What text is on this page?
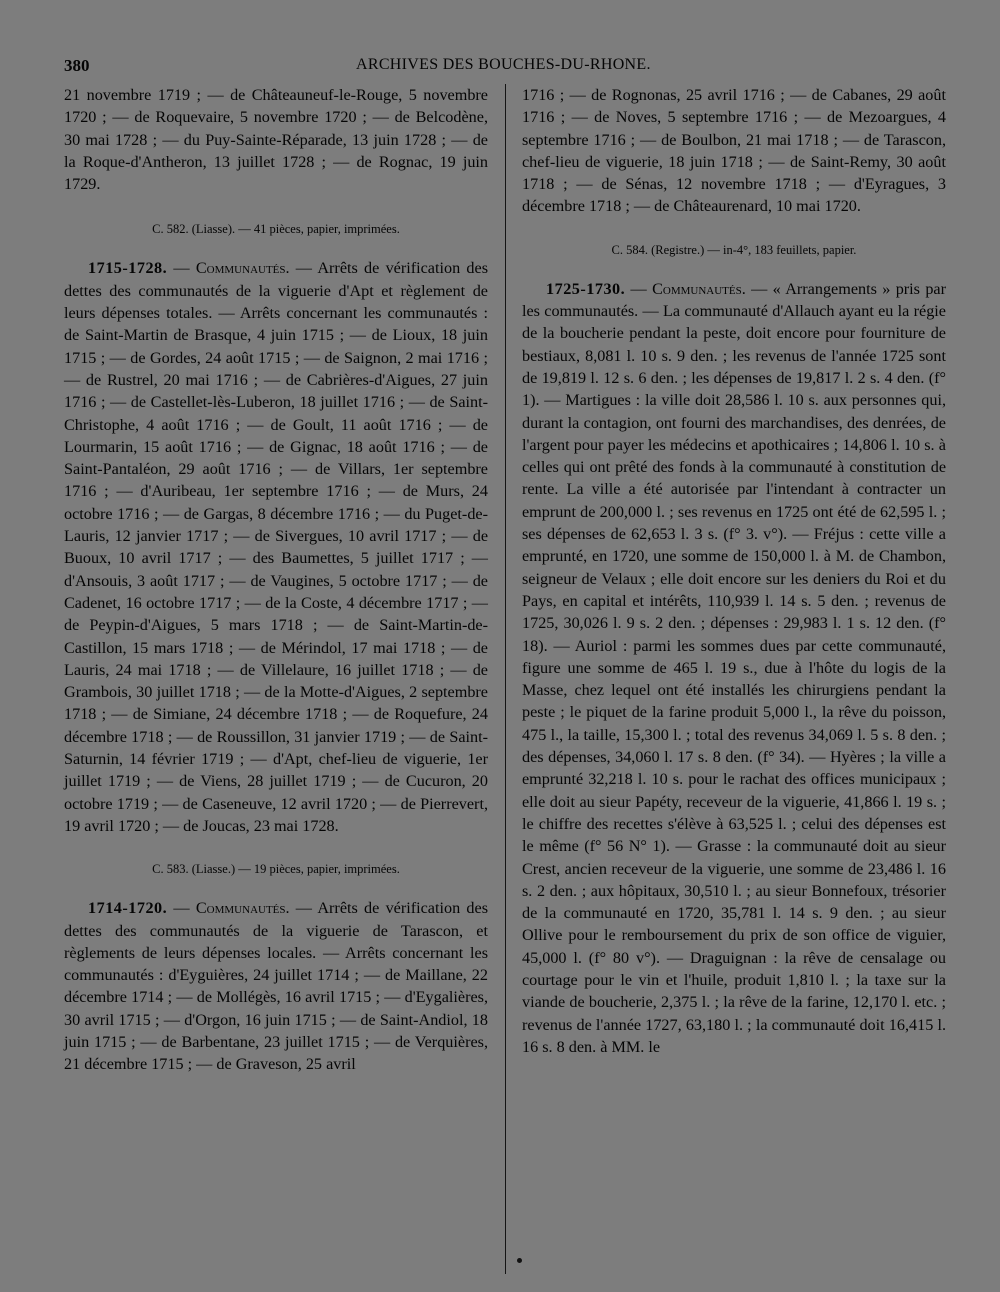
380	ARCHIVES DES BOUCHES-DU-RHONE.

21 novembre 1719 ; — de Châteauneuf-le-Rouge, 5 novembre 1720 ; — de Roquevaire, 5 novembre 1720 ; — de Belcodène, 30 mai 1728 ; — du Puy-Sainte-Réparade, 13 juin 1728 ; — de la Roque-d'Antheron, 13 juillet 1728 ; — de Rognac, 19 juin 1729.

C. 582. (Liasse). — 41 pièces, papier, imprimées.

1715-1728. — Communautés. — Arrêts de vérification des dettes des communautés de la viguerie d'Apt et règlement de leurs dépenses totales. — Arrêts concernant les communautés : de Saint-Martin de Brasque, 4 juin 1715 ; — de Lioux, 18 juin 1715 ; — de Gordes, 24 août 1715 ; — de Saignon, 2 mai 1716 ; — de Rustrel, 20 mai 1716 ; — de Cabrières-d'Aigues, 27 juin 1716 ; — de Castellet-lès-Luberon, 18 juillet 1716 ; — de Saint-Christophe, 4 août 1716 ; — de Goult, 11 août 1716 ; — de Lourmarin, 15 août 1716 ; — de Gignac, 18 août 1716 ; — de Saint-Pantaléon, 29 août 1716 ; — de Villars, 1er septembre 1716 ; — d'Auribeau, 1er septembre 1716 ; — de Murs, 24 octobre 1716 ; — de Gargas, 8 décembre 1716 ; — du Puget-de-Lauris, 12 janvier 1717 ; — de Sivergues, 10 avril 1717 ; — de Buoux, 10 avril 1717 ; — des Baumettes, 5 juillet 1717 ; — d'Ansouis, 3 août 1717 ; — de Vaugines, 5 octobre 1717 ; — de Cadenet, 16 octobre 1717 ; — de la Coste, 4 décembre 1717 ; — de Peypin-d'Aigues, 5 mars 1718 ; — de Saint-Martin-de-Castillon, 15 mars 1718 ; — de Mérindol, 17 mai 1718 ; — de Lauris, 24 mai 1718 ; — de Villelaure, 16 juillet 1718 ; — de Grambois, 30 juillet 1718 ; — de la Motte-d'Aigues, 2 septembre 1718 ; — de Simiane, 24 décembre 1718 ; — de Roquefure, 24 décembre 1718 ; — de Roussillon, 31 janvier 1719 ; — de Saint-Saturnin, 14 février 1719 ; — d'Apt, chef-lieu de viguerie, 1er juillet 1719 ; — de Viens, 28 juillet 1719 ; — de Cucuron, 20 octobre 1719 ; — de Caseneuve, 12 avril 1720 ; — de Pierrevert, 19 avril 1720 ; — de Joucas, 23 mai 1728.

C. 583. (Liasse.) — 19 pièces, papier, imprimées.

1714-1720. — Communautés. — Arrêts de vérification des dettes des communautés de la viguerie de Tarascon, et règlements de leurs dépenses locales. — Arrêts concernant les communautés : d'Eyguières, 24 juillet 1714 ; — de Maillane, 22 décembre 1714 ; — de Mollégès, 16 avril 1715 ; — d'Eygalières, 30 avril 1715 ; — d'Orgon, 16 juin 1715 ; — de Saint-Andiol, 18 juin 1715 ; — de Barbentane, 23 juillet 1715 ; — de Verquières, 21 décembre 1715 ; — de Graveson, 25 avril

1716 ; — de Rognonas, 25 avril 1716 ; — de Cabanes, 29 août 1716 ; — de Noves, 5 septembre 1716 ; — de Mezoargues, 4 septembre 1716 ; — de Boulbon, 21 mai 1718 ; — de Tarascon, chef-lieu de viguerie, 18 juin 1718 ; — de Saint-Remy, 30 août 1718 ; — de Sénas, 12 novembre 1718 ; — d'Eyragues, 3 décembre 1718 ; — de Châteaurenard, 10 mai 1720.

C. 584. (Registre.) — in-4°, 183 feuillets, papier.

1725-1730. — Communautés. — « Arrangements » pris par les communautés. — La communauté d'Allauch ayant eu la régie de la boucherie pendant la peste, doit encore pour fourniture de bestiaux, 8,081 l. 10 s. 9 den. ; les revenus de l'année 1725 sont de 19,819 l. 12 s. 6 den. ; les dépenses de 19,817 l. 2 s. 4 den. (f° 1). — Martigues : la ville doit 28,586 l. 10 s. aux personnes qui, durant la contagion, ont fourni des marchandises, des denrées, de l'argent pour payer les médecins et apothicaires ; 14,806 l. 10 s. à celles qui ont prêté des fonds à la communauté à constitution de rente. La ville a été autorisée par l'intendant à contracter un emprunt de 200,000 l. ; ses revenus en 1725 ont été de 62,595 l. ; ses dépenses de 62,653 l. 3 s. (f° 3. v°). — Fréjus : cette ville a emprunté, en 1720, une somme de 150,000 l. à M. de Chambon, seigneur de Velaux ; elle doit encore sur les deniers du Roi et du Pays, en capital et intérêts, 110,939 l. 14 s. 5 den. ; revenus de 1725, 30,026 l. 9 s. 2 den. ; dépenses : 29,983 l. 1 s. 12 den. (f° 18). — Auriol : parmi les sommes dues par cette communauté, figure une somme de 465 l. 19 s., due à l'hôte du logis de la Masse, chez lequel ont été installés les chirurgiens pendant la peste ; le piquet de la farine produit 5,000 l., la rêve du poisson, 475 l., la taille, 15,300 l. ; total des revenus 34,069 l. 5 s. 8 den. ; des dépenses, 34,060 l. 17 s. 8 den. (f° 34). — Hyères ; la ville a emprunté 32,218 l. 10 s. pour le rachat des offices municipaux ; elle doit au sieur Papéty, receveur de la viguerie, 41,866 l. 19 s. ; le chiffre des recettes s'élève à 63,525 l. ; celui des dépenses est le même (f° 56 N° 1). — Grasse : la communauté doit au sieur Crest, ancien receveur de la viguerie, une somme de 23,486 l. 16 s. 2 den. ; aux hôpitaux, 30,510 l. ; au sieur Bonnefoux, trésorier de la communauté en 1720, 35,781 l. 14 s. 9 den. ; au sieur Ollive pour le remboursement du prix de son office de viguier, 45,000 l. (f° 80 v°). — Draguignan : la rêve de censalage ou courtage pour le vin et l'huile, produit 1,810 l. ; la taxe sur la viande de boucherie, 2,375 l. ; la rêve de la farine, 12,170 l. etc. ; revenus de l'année 1727, 63,180 l. ; la communauté doit 16,415 l. 16 s. 8 den. à MM. le
